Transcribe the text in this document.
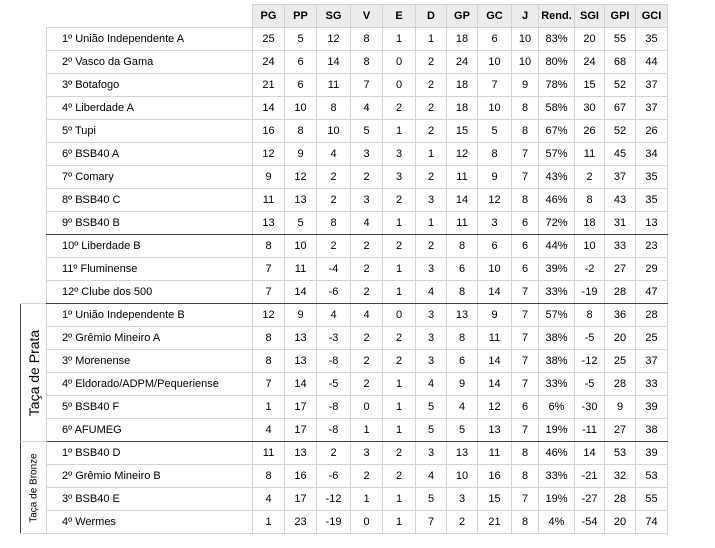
		PG	PP	SG	V	E	D	GP	GC	J	Rend.	SGI	GPI	GCI
	1º União Independente A	25	5	12	8	1	1	18	6	10	83%	20	55	35
	2º Vasco da Gama	24	6	14	8	0	2	24	10	10	80%	24	68	44
	3º Botafogo	21	6	11	7	0	2	18	7	9	78%	15	52	37
	4º Liberdade A	14	10	8	4	2	2	18	10	8	58%	30	67	37
	5º Tupi	16	8	10	5	1	2	15	5	8	67%	26	52	26
	6º BSB40 A	12	9	4	3	3	1	12	8	7	57%	11	45	34
	7º Comary	9	12	2	2	3	2	11	9	7	43%	2	37	35
	8º BSB40 C	11	13	2	3	2	3	14	12	8	46%	8	43	35
	9º BSB40 B	13	5	8	4	1	1	11	3	6	72%	18	31	13
	10º Liberdade B	8	10	2	2	2	2	8	6	6	44%	10	33	23
	11º Fluminense	7	11	-4	2	1	3	6	10	6	39%	-2	27	29
	12º Clube dos 500	7	14	-6	2	1	4	8	14	7	33%	-19	28	47

Taça de Prata	1º União Independente B	12	9	4	4	0	3	13	9	7	57%	8	36	28
	2º Grêmio Mineiro A	8	13	-3	2	2	3	8	11	7	38%	-5	20	25
	3º Morenense	8	13	-8	2	2	3	6	14	7	38%	-12	25	37
	4º Eldorado/ADPM/Pequeriense	7	14	-5	2	1	4	9	14	7	33%	-5	28	33
	5º BSB40 F	1	17	-8	0	1	5	4	12	6	6%	-30	9	39
	6º AFUMEG	4	17	-8	1	1	5	5	13	7	19%	-11	27	38

Taça de Bronze	1º BSB40 D	11	13	2	3	2	3	13	11	8	46%	14	53	39
	2º Grêmio Mineiro B	8	16	-6	2	2	4	10	16	8	33%	-21	32	53
	3º BSB40 E	4	17	-12	1	1	5	3	15	7	19%	-27	28	55
	4º Wermes	1	23	-19	0	1	7	2	21	8	4%	-54	20	74
